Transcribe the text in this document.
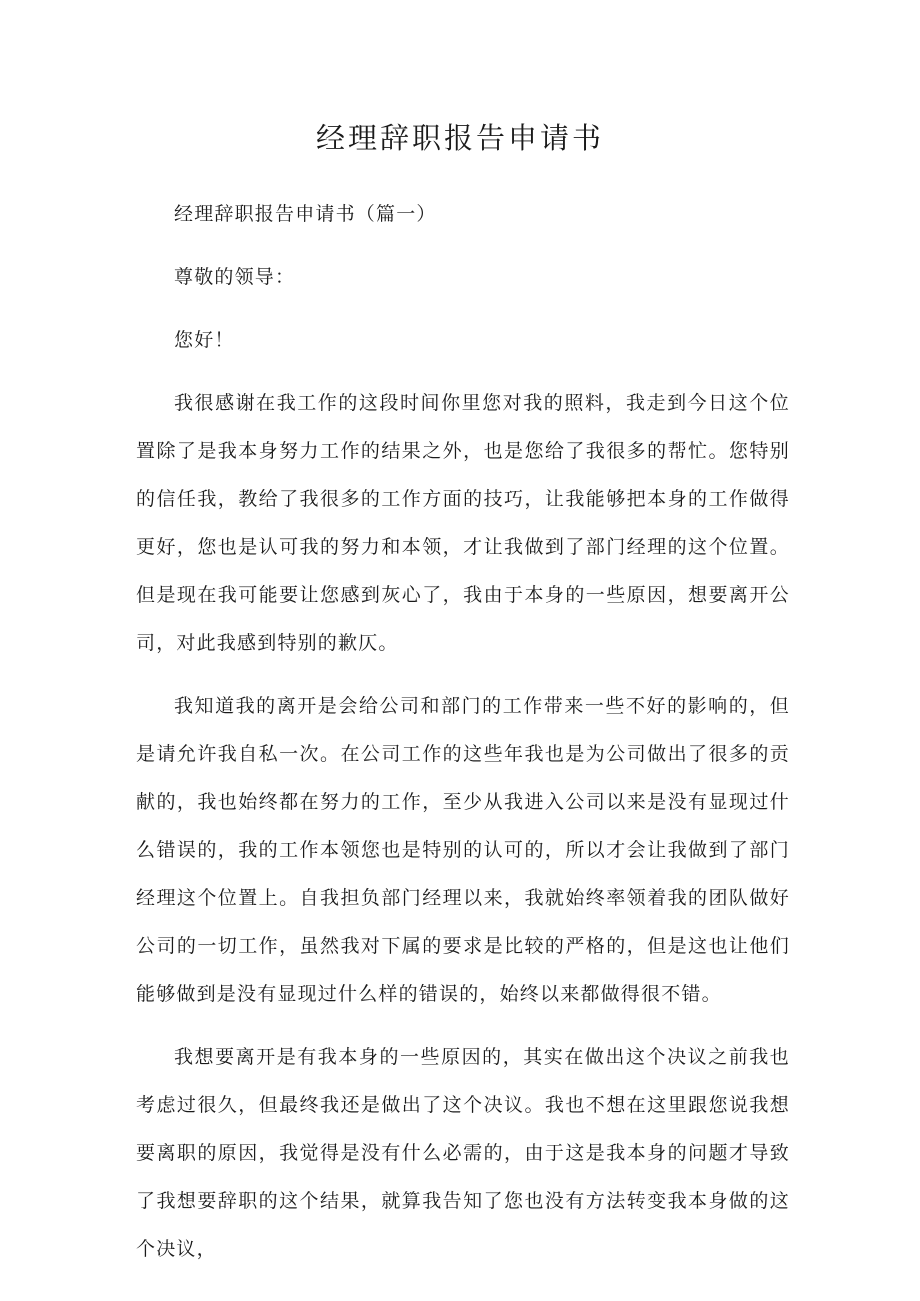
经理辞职报告申请书

经理辞职报告申请书（篇一）

尊敬的领导：

您好！

我很感谢在我工作的这段时间你里您对我的照料，我走到今日这个位置除了是我本身努力工作的结果之外，也是您给了我很多的帮忙。您特别的信任我，教给了我很多的工作方面的技巧，让我能够把本身的工作做得更好，您也是认可我的努力和本领，才让我做到了部门经理的这个位置。但是现在我可能要让您感到灰心了，我由于本身的一些原因，想要离开公司，对此我感到特别的歉仄。

我知道我的离开是会给公司和部门的工作带来一些不好的影响的，但是请允许我自私一次。在公司工作的这些年我也是为公司做出了很多的贡献的，我也始终都在努力的工作，至少从我进入公司以来是没有显现过什么错误的，我的工作本领您也是特别的认可的，所以才会让我做到了部门经理这个位置上。自我担负部门经理以来，我就始终率领着我的团队做好公司的一切工作，虽然我对下属的要求是比较的严格的，但是这也让他们能够做到是没有显现过什么样的错误的，始终以来都做得很不错。

我想要离开是有我本身的一些原因的，其实在做出这个决议之前我也考虑过很久，但最终我还是做出了这个决议。我也不想在这里跟您说我想要离职的原因，我觉得是没有什么必需的，由于这是我本身的问题才导致了我想要辞职的这个结果，就算我告知了您也没有方法转变我本身做的这个决议，
